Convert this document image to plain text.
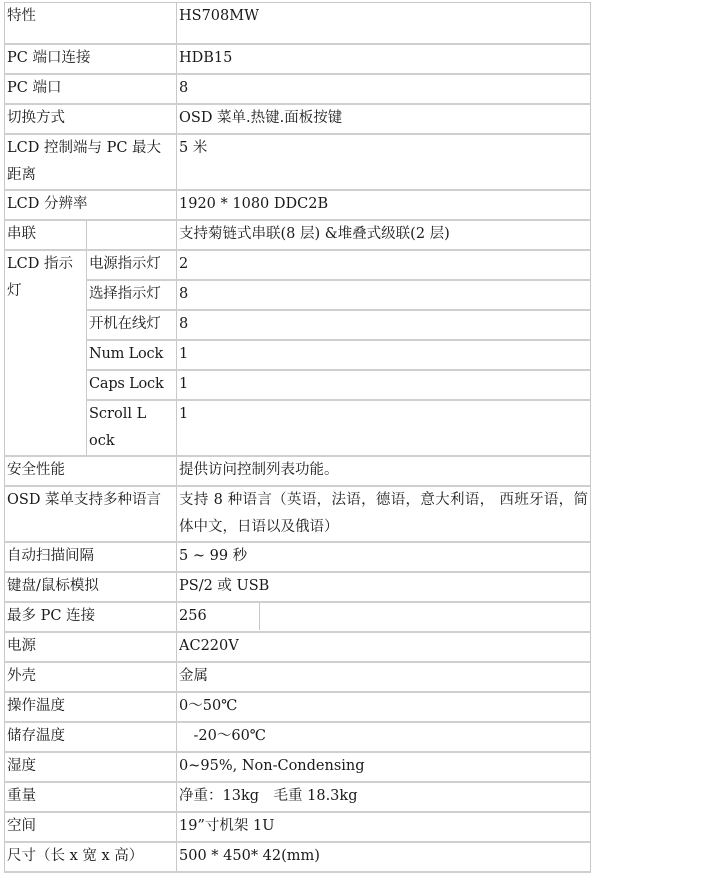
特性		HS708MW
PC 端口连接		HDB15
PC 端口		8
切换方式		OSD 菜单.热键.面板按键
LCD 控制端与 PC 最大距离		5 米
LCD 分辨率		1920 * 1080 DDC2B
串联		支持菊链式串联(8 层) &堆叠式级联(2 层)
LCD 指示灯	电源指示灯	2
	选择指示灯	8
	开机在线灯	8
	Num Lock	1
	Caps Lock	1

	Scroll Lock	1
安全性能		提供访问控制列表功能。
OSD 菜单支持多种语言		支持 8 种语言（英语，法语，德语，意大利语， 西班牙语，简体中文，日语以及俄语）
自动扫描间隔		5 ~ 99 秒
键盘/鼠标模拟		PS/2 或 USB
最多 PC 连接		256
电源		AC220V
外壳		金属
操作温度		0～50℃
储存温度		　-20～60℃
湿度		0~95%, Non-Condensing
重量		净重：13kg　毛重 18.3kg
空间		19”寸机架 1U
尺寸（长 x 宽 x 高）		500 * 450* 42(mm)
